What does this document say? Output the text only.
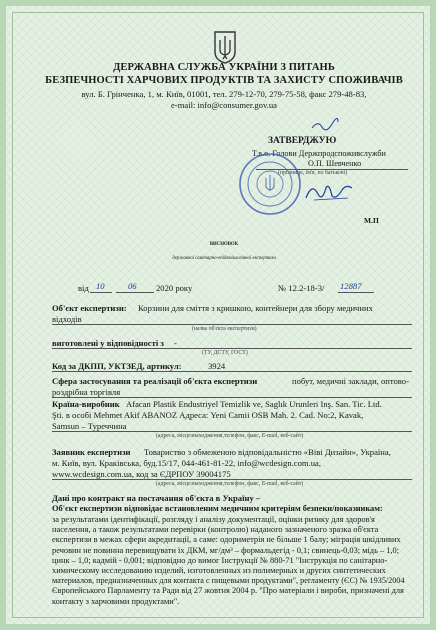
ДЕРЖАВНА СЛУЖБА УКРАЇНИ З ПИТАНЬ
БЕЗПЕЧНОСТІ ХАРЧОВИХ ПРОДУКТІВ ТА ЗАХИСТУ СПОЖИВАЧІВ
вул. Б. Грінченка, 1, м. Київ, 01001, тел. 279-12-70, 279-75-58, факс 279-48-83,
e-mail: info@consumer.gov.ua
ЗАТВЕРДЖУЮ
Т.в.о. Голови Держпродспоживслужби
О.П. Шевченко
(прізвище, ім'я, по батькові)
М.П
ВИСНОВОК
державної санітарно-епідеміологічної експертизи
від 10	06 2020 року	№ 12.2-18-3/ 12887
Об'єкт експертизи: Корзини для сміття з кришкою, контейнери для збору медичних
відходів
(назва об'єкта експертизи)
виготовлені у відповідності з -
(ТУ, ДСТУ, ГОСТ)
Код за ДКПП, УКТЗЕД, артикул:	3924
Сфера застосування та реалізації об'єкта експертизи	побут, медичні заклади, оптово-
роздрібна торгівля
Країна-виробник Afacan Plastik Endustriyel Temizlik ve, Saglık Urunleri Inş. San. Tic. Ltd.
Şti. в особі Mehmet Akif ABANOZ Адреса: Yeni Camii OSB Mah. 2. Cad. No:2, Kavak,
Samsun – Туреччина
(адреса, місцезнаходження,телефон, факс, E-mail, веб-сайт)
Заявник експертизи Товариство з обмеженою відповідальністю «Віві Дизайн», Україна,
м. Київ, вул. Краківська, буд.15/17, 044-461-81-22, info@wcdesign.com.ua,
www.wcdesign.com.ua, код за ЄДРПОУ 39004175
(адреса, місцезнаходження,телефон, факс, E-mail, веб-сайт)
Дані про контракт на постачання об'єкта в Україну –
Об'єкт експертизи відповідає встановленим медичним критеріям безпеки/показникам:
за результатами ідентифікації, розгляду і аналізу документації, оцінки ризику для здоров'я
населення, а також результатами перевірки (контролю) наданого зазначеного зразка об'єкта
експертизи в межах сфери акредитації, а саме: одориметрія не більше 1 балу; міграція шкідливих
речовин не повинна перевищувати їх ДКМ, мг/дм³ – формальдегід - 0,1; свинець-0,03; мідь – 1,0;
цинк – 1,0; кадмій - 0,001; відповідно до вимог Інструкції № 880-71 "Інструкція по санітарно-
химическому исследованию изделий, изготовленных из полимерных и других синтетических
материалов, предназначенных для контакта с пищевыми продуктами", регламенту (ЄС) № 1935/2004
Європейського Парламенту та Ради від 27 жовтня 2004 р. "Про матеріали і вироби, призначені для
контакту з харчовими продуктами".
